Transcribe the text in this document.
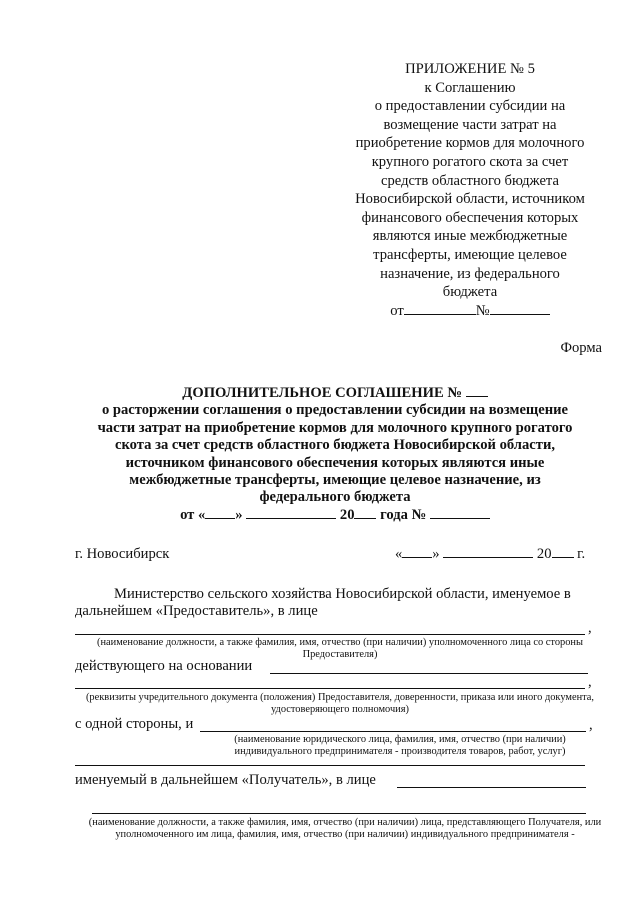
ПРИЛОЖЕНИЕ № 5
к Соглашению
о предоставлении субсидии на
возмещение части затрат на
приобретение кормов для молочного
крупного рогатого скота за счет
средств областного бюджета
Новосибирской области, источником
финансового обеспечения которых
являются иные межбюджетные
трансферты, имеющие целевое
назначение, из федерального
бюджета
от	№
Форма
ДОПОЛНИТЕЛЬНОЕ СОГЛАШЕНИЕ №
о расторжении соглашения о предоставлении субсидии на возмещение
части затрат на приобретение кормов для молочного крупного рогатого
скота за счет средств областного бюджета Новосибирской области,
источником финансового обеспечения которых являются иные
межбюджетные трансферты, имеющие целевое назначение, из
федерального бюджета
от « »	20 года №
г. Новосибирск	« »	20 г.
Министерство сельского хозяйства Новосибирской области, именуемое в
дальнейшем «Предоставитель», в лице
,
(наименование должности, а также фамилия, имя, отчество (при наличии) уполномоченного лица со стороны
Предоставителя)
действующего на основании
,
(реквизиты учредительного документа (положения) Предоставителя, доверенности, приказа или иного документа,
удостоверяющего полномочия)
с одной стороны, и	,
(наименование юридического лица, фамилия, имя, отчество (при наличии)
индивидуального предпринимателя - производителя товаров, работ, услуг)
именуемый в дальнейшем «Получатель», в лице
(наименование должности, а также фамилия, имя, отчество (при наличии) лица, представляющего Получателя, или
уполномоченного им лица, фамилия, имя, отчество (при наличии) индивидуального предпринимателя -
